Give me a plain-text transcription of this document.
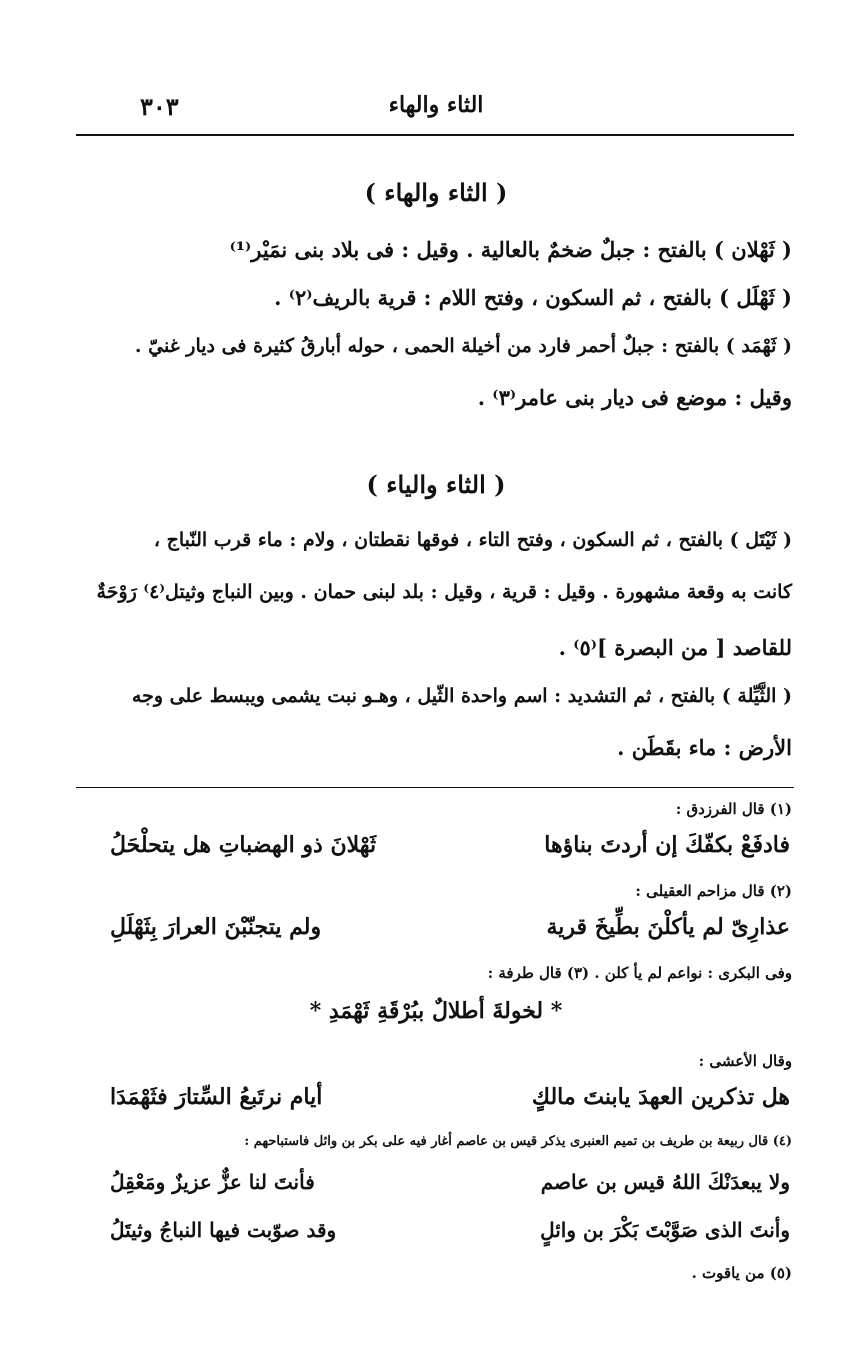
٣٠٣	الثاء والهاء
( الثاء والهاء )
( ثَهْلان ) بالفتح : جبلٌ ضخمٌ بالعالية . وقيل : فى بلاد بنى نمَيْر⁽¹⁾
( ثَهْلَل ) بالفتح ، ثم السكون ، وفتح اللام : قرية بالريف⁽٢⁾ .
( ثَهْمَد ) بالفتح : جبلٌ أحمر فارد من أخيلة الحمى ، حوله أبارقُ كثيرة فى ديار غنيّ .
وقيل : موضع فى ديار بنى عامر⁽٣⁾ .
( الثاء والياء )
( ثَيْتَل ) بالفتح ، ثم السكون ، وفتح التاء ، فوقها نقطتان ، ولام : ماء قرب النّباج ،
كانت به وقعة مشهورة . وقيل : قرية ، وقيل : بلد لبنى حمان . وبين النباج وثيتل⁽٤⁾ رَوْحَةٌ
للقاصد [ من البصرة ]⁽٥⁾ .
( الثَّيِّلة ) بالفتح ، ثم التشديد : اسم واحدة الثّيل ، وهـو نبت يشمى ويبسط على وجه
الأرض : ماء بقَطَن .
(١) قال الفرزدق :
فادفَعْ بكفّكَ إن أردتَ بناؤها
ثَهْلانَ ذو الهضباتِ هل يتحلْحَلُ
(٢) قال مزاحم العقيلى :
عذارِىّ لم يأكلْنَ بطِّيخَ قرية
ولم يتجنّبْنَ العرارَ بِثَهْلَلِ
وفى البكرى : نواعم لم يأ كلن . (٣) قال طرفة :
* لخولةَ أطلالٌ ببُرْقَةِ ثَهْمَدِ *
وقال الأعشى :
هل تذكرين العهدَ يابنتَ مالكٍ
أيام نرتَبعُ السِّتارَ فثَهْمَدَا
(٤) قال ربيعة بن طريف بن تميم العنبرى يذكر قيس بن عاصم أغار فيه على بكر بن وائل فاستباحهم :
ولا يبعدَنْكَ اللهُ قيس بن عاصم
فأنتَ لنا عزٌّ عزيزٌ ومَعْقِلُ
وأنتَ الذى صَوَّبْتَ بَكْرَ بن وائلٍ
وقد صوّبت فيها النباجُ وثيتَلُ
(٥) من ياقوت .
